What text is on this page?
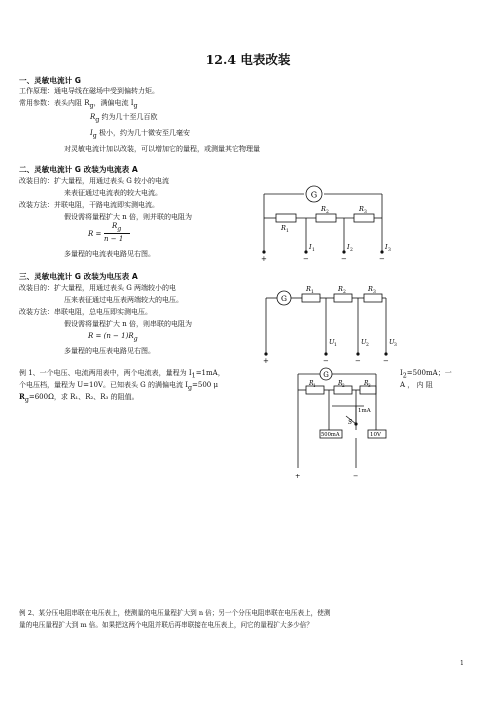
12.4 电表改装
一、灵敏电流计 G
工作原理：通电导线在磁场中受到偏转力矩。
常用参数：表头内阻 $R_g$，满偏电流 $I_g$
$R_g$ 约为几十至几百欧
$I_g$ 极小，约为几十微安至几毫安
对灵敏电流计加以改装，可以增加它的量程，或测量其它物理量
二、灵敏电流计 G 改装为电流表 A
改装目的：扩大量程，用通过表头 G 较小的电流
来表征通过电流表的较大电流。
改装方法：并联电阻，干路电流即实测电流。
假设需将量程扩大 n 倍，则并联的电阻为
R =
$R_g$
n − 1
多量程的电流表电路见右图。
G
R 1
R 2	R 3
I 1	I 2	I 3
+	−	−	−
三、灵敏电流计 G 改装为电压表 A
改装目的：扩大量程，用通过表头 G 两端较小的电
压来表征通过电压表两端较大的电压。
改装方法：串联电阻，总电压即实测电压。
假设需将量程扩大 n 倍，则串联的电阻为
$R = (n - 1)R_g$
多量程的电压表电路见右图。
G
R 1	R 2	R 3
U 1	U 2	U 3
+	−	−	−
例 1、一个电压、电流两用表中，两个电流表，量程为 $I_1=1mA$，
个电压档，量程为 U=10V。已知表头 G 的满偏电流 $I_g=500$ μ
$R_g=600\Omega$，求 R₁、R₂、R₃ 的阻值。
$I_2=500mA$；一
A ， 内 阻
G
R 1	R 2	R 3
1mA
500mA
S
10V
+	−
例 2、某分压电阻串联在电压表上，使测量的电压量程扩大到 n 倍；另一个分压电阻串联在电压表上，使测
量的电压量程扩大到 m 倍。如果把这两个电阻并联后再串联接在电压表上，问它的量程扩大多少倍？
1
